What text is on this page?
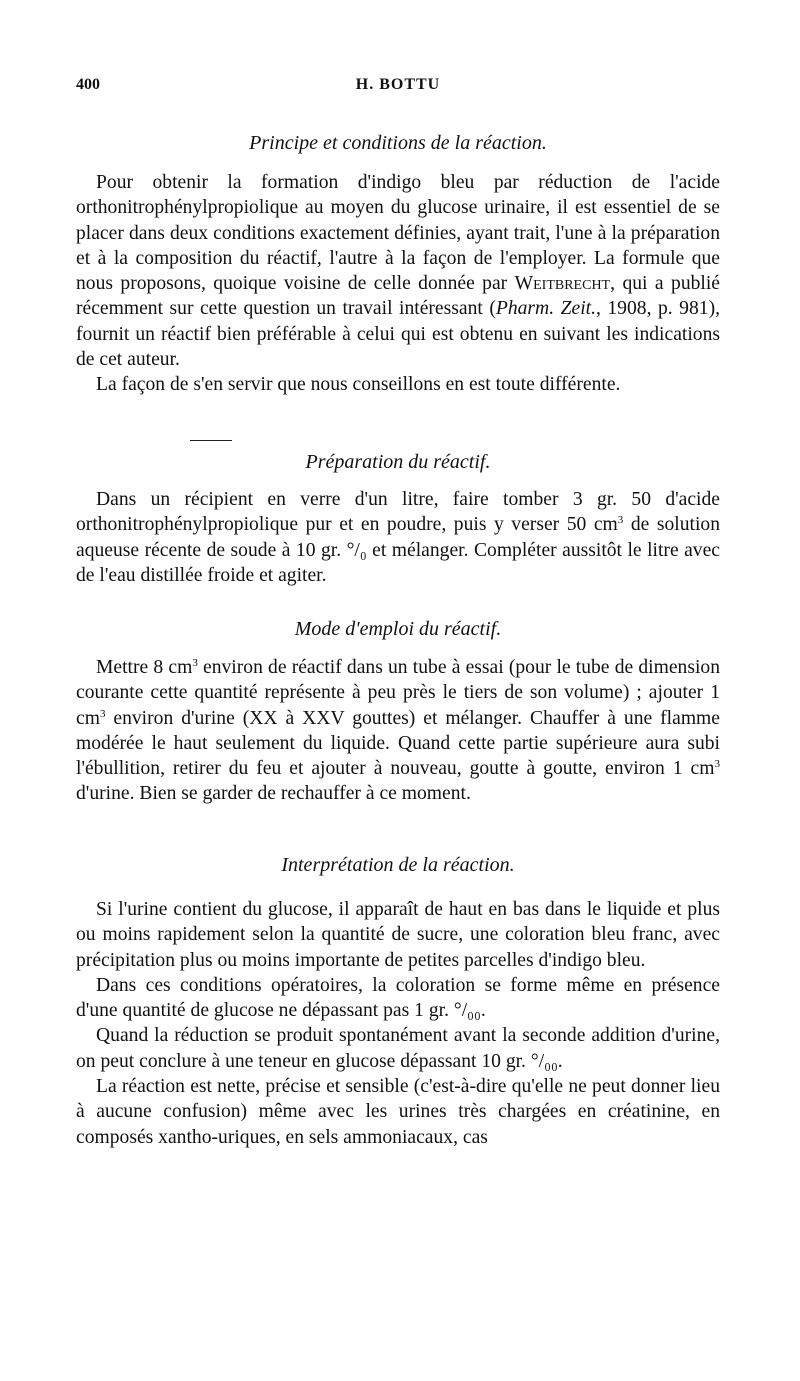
400	H. BOTTU
Principe et conditions de la réaction.

Pour obtenir la formation d'indigo bleu par réduction de l'acide orthonitrophénylpropiolique au moyen du glucose urinaire, il est essentiel de se placer dans deux conditions exactement définies, ayant trait, l'une à la préparation et à la composition du réactif, l'autre à la façon de l'employer. La formule que nous proposons, quoique voisine de celle donnée par Weitbrecht, qui a publié récemment sur cette question un travail intéressant (Pharm. Zeit., 1908, p. 981), fournit un réactif bien préférable à celui qui est obtenu en suivant les indications de cet auteur.

La façon de s'en servir que nous conseillons en est toute différente.

Préparation du réactif.

Dans un récipient en verre d'un litre, faire tomber 3 gr. 50 d'acide orthonitrophénylpropiolique pur et en poudre, puis y verser 50 $cm^3$ de solution aqueuse récente de soude à 10 gr. °/₀ et mélanger. Compléter aussitôt le litre avec de l'eau distillée froide et agiter.

Mode d'emploi du réactif.

Mettre 8 $cm^3$ environ de réactif dans un tube à essai (pour le tube de dimension courante cette quantité représente à peu près le tiers de son volume) ; ajouter 1 $cm^3$ environ d'urine (XX à XXV gouttes) et mélanger. Chauffer à une flamme modérée le haut seulement du liquide. Quand cette partie supérieure aura subi l'ébullition, retirer du feu et ajouter à nouveau, goutte à goutte, environ 1 $cm^3$ d'urine. Bien se garder de rechauffer à ce moment.

Interprétation de la réaction.

Si l'urine contient du glucose, il apparaît de haut en bas dans le liquide et plus ou moins rapidement selon la quantité de sucre, une coloration bleu franc, avec précipitation plus ou moins importante de petites parcelles d'indigo bleu.

Dans ces conditions opératoires, la coloration se forme même en présence d'une quantité de glucose ne dépassant pas 1 gr. °/₀₀.

Quand la réduction se produit spontanément avant la seconde addition d'urine, on peut conclure à une teneur en glucose dépassant 10 gr. °/₀₀.

La réaction est nette, précise et sensible (c'est-à-dire qu'elle ne peut donner lieu à aucune confusion) même avec les urines très chargées en créatinine, en composés xantho-uriques, en sels ammoniacaux, cas
